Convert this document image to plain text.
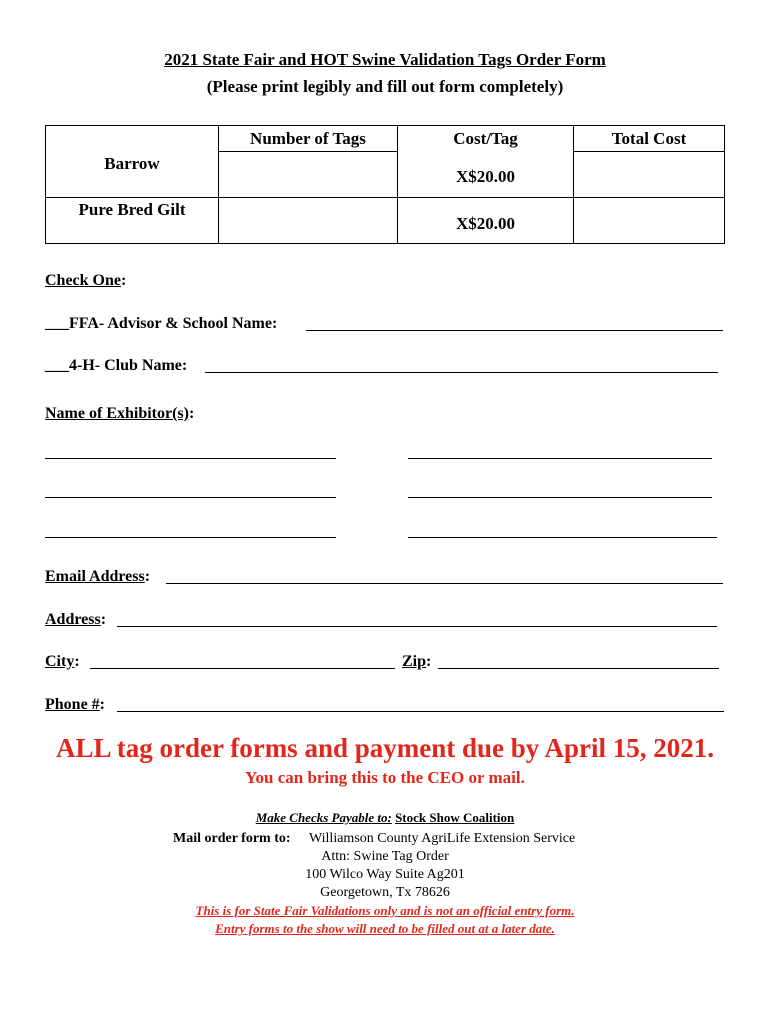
2021 State Fair and HOT Swine Validation Tags Order Form
(Please print legibly and fill out form completely)
	Number of Tags	Cost/Tag	Total Cost
Barrow		X$20.00	
Pure Bred Gilt		X$20.00	
Check One:
___FFA- Advisor & School Name:
___4-H- Club Name:
Name of Exhibitor(s):
Email Address:
Address:
City:	Zip:
Phone #:
ALL tag order forms and payment due by April 15, 2021.
You can bring this to the CEO or mail.
Make Checks Payable to: Stock Show Coalition
Mail order form to: Williamson County AgriLife Extension Service
Attn: Swine Tag Order
100 Wilco Way Suite Ag201
Georgetown, Tx 78626
This is for State Fair Validations only and is not an official entry form.
Entry forms to the show will need to be filled out at a later date.
